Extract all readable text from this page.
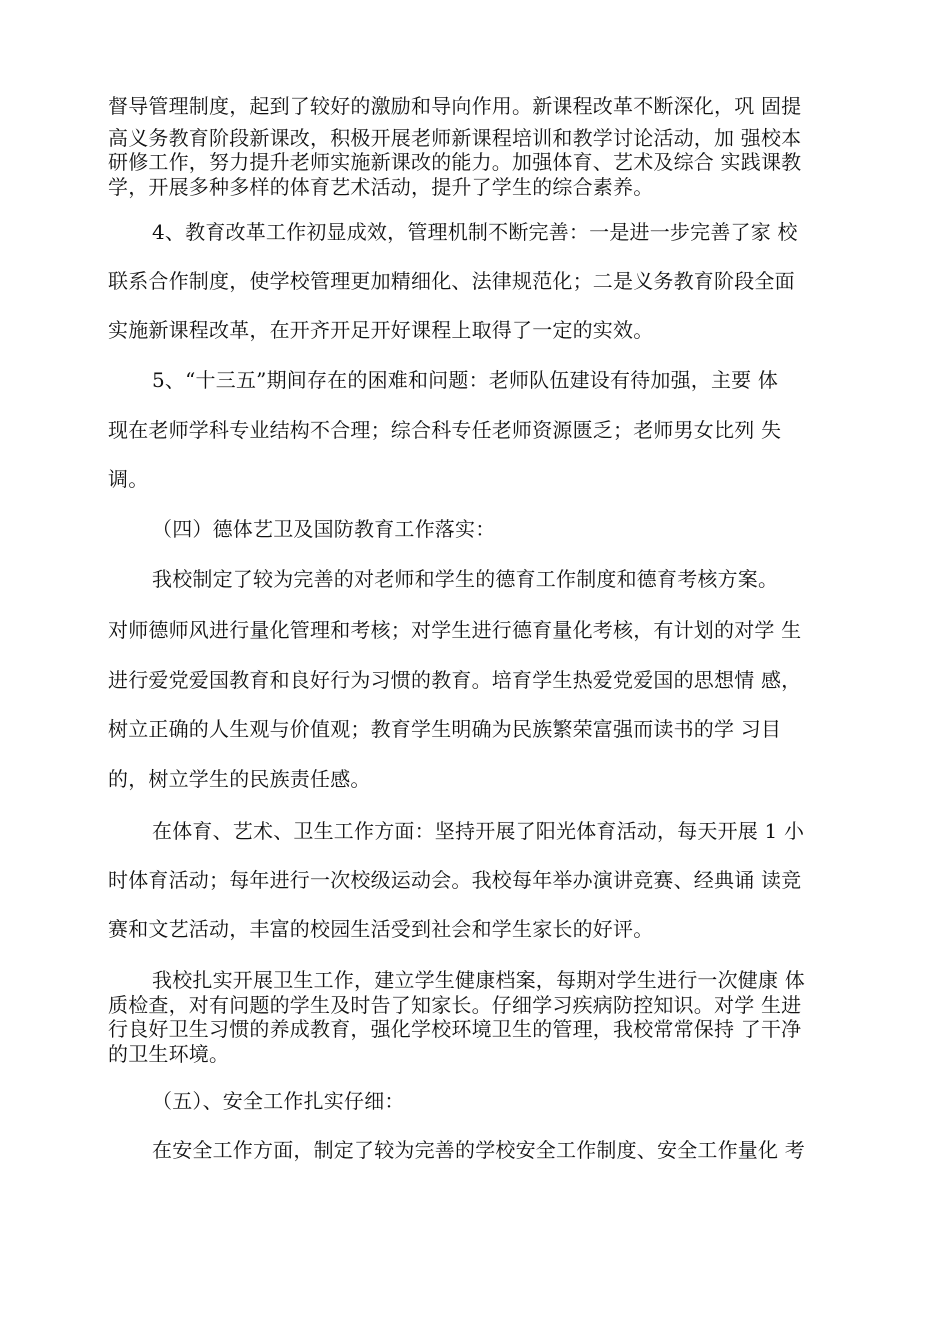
督导管理制度，起到了较好的激励和导向作用。新课程改革不断深化，巩 固提
高义务教育阶段新课改，积极开展老师新课程培训和教学讨论活动，加 强校本
研修工作，努力提升老师实施新课改的能力。加强体育、艺术及综合 实践课教
学，开展多种多样的体育艺术活动，提升了学生的综合素养。
4、教育改革工作初显成效，管理机制不断完善：一是进一步完善了家 校
联系合作制度，使学校管理更加精细化、法律规范化；二是义务教育阶段全面
实施新课程改革，在开齐开足开好课程上取得了一定的实效。
5、“十三五”期间存在的困难和问题：老师队伍建设有待加强，主要 体
现在老师学科专业结构不合理；综合科专任老师资源匮乏；老师男女比列 失
调。
（四）德体艺卫及国防教育工作落实：
我校制定了较为完善的对老师和学生的德育工作制度和德育考核方案。
对师德师风进行量化管理和考核；对学生进行德育量化考核，有计划的对学 生
进行爱党爱国教育和良好行为习惯的教育。培育学生热爱党爱国的思想情 感，
树立正确的人生观与价值观；教育学生明确为民族繁荣富强而读书的学 习目
的，树立学生的民族责任感。
在体育、艺术、卫生工作方面：坚持开展了阳光体育活动，每天开展 1 小
时体育活动；每年进行一次校级运动会。我校每年举办演讲竞赛、经典诵 读竞
赛和文艺活动，丰富的校园生活受到社会和学生家长的好评。
我校扎实开展卫生工作，建立学生健康档案，每期对学生进行一次健康 体
质检查，对有问题的学生及时告了知家长。仔细学习疾病防控知识。对学 生进
行良好卫生习惯的养成教育，强化学校环境卫生的管理，我校常常保持 了干净
的卫生环境。
（五）、安全工作扎实仔细：
在安全工作方面，制定了较为完善的学校安全工作制度、安全工作量化 考
